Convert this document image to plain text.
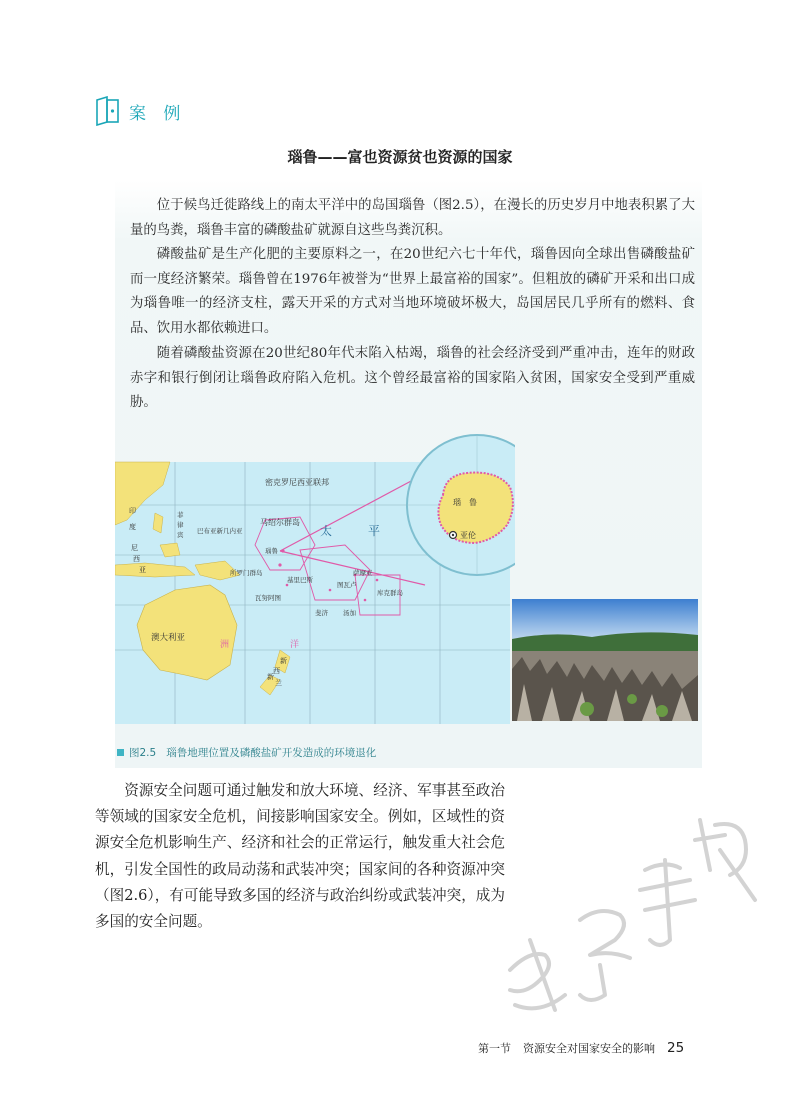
案 例
瑙鲁——富也资源贫也资源的国家

位于候鸟迁徙路线上的南太平洋中的岛国瑙鲁（图2.5），在漫长的历史岁月中地表积累了大量的鸟粪，瑙鲁丰富的磷酸盐矿就源自这些鸟粪沉积。

磷酸盐矿是生产化肥的主要原料之一，在20世纪六七十年代，瑙鲁因向全球出售磷酸盐矿而一度经济繁荣。瑙鲁曾在1976年被誉为“世界上最富裕的国家”。但粗放的磷矿开采和出口成为瑙鲁唯一的经济支柱，露天开采的方式对当地环境破坏极大，岛国居民几乎所有的燃料、食品、饮用水都依赖进口。

随着磷酸盐资源在20世纪80年代末陷入枯竭，瑙鲁的社会经济受到严重冲击，连年的财政赤字和银行倒闭让瑙鲁政府陷入危机。这个曾经最富裕的国家陷入贫困，国家安全受到严重威胁。

瑙　鲁
亚伦
密克罗尼西亚联邦
马绍尔群岛
巴布亚新几内亚
瑙鲁
所罗门群岛
基里巴斯
图瓦卢
斐济 汤加
库克群岛
瓦努阿图
萨摩亚
太　　　平
澳大利亚
洲	洋
新
西
兰
新
印
度
尼
西
亚
菲
律
宾
图2.5 瑙鲁地理位置及磷酸盐矿开发造成的环境退化

资源安全问题可通过触发和放大环境、经济、军事甚至政治等领域的国家安全危机，间接影响国家安全。例如，区域性的资源安全危机影响生产、经济和社会的正常运行，触发重大社会危机，引发全国性的政局动荡和武装冲突；国家间的各种资源冲突（图2.6），有可能导致多国的经济与政治纠纷或武装冲突，成为多国的安全问题。

数学手札
第一节 资源安全对国家安全的影响 25
